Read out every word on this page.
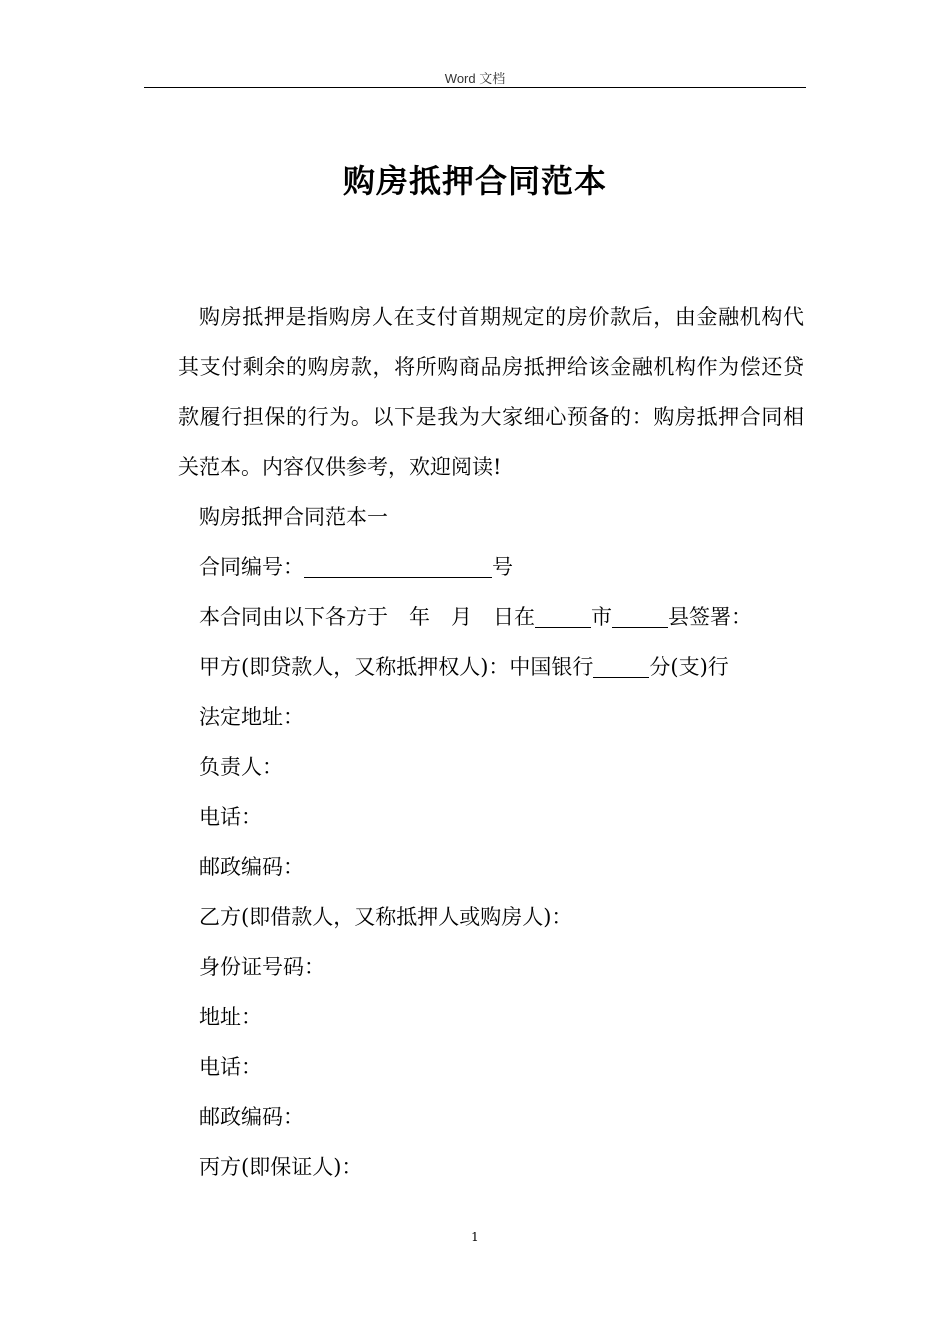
Word 文档
购房抵押合同范本

购房抵押是指购房人在支付首期规定的房价款后，由金融机构代其支付剩余的购房款，将所购商品房抵押给该金融机构作为偿还贷款履行担保的行为。以下是我为大家细心预备的：购房抵押合同相关范本。内容仅供参考，欢迎阅读!

购房抵押合同范本一

合同编号：	号

本合同由以下各方于 年 月 日在	市	县签署：

甲方(即贷款人，又称抵押权人)：中国银行	分(支)行

法定地址：

负责人：

电话：

邮政编码：

乙方(即借款人，又称抵押人或购房人)：

身份证号码：

地址：

电话：

邮政编码：

丙方(即保证人)：

1
